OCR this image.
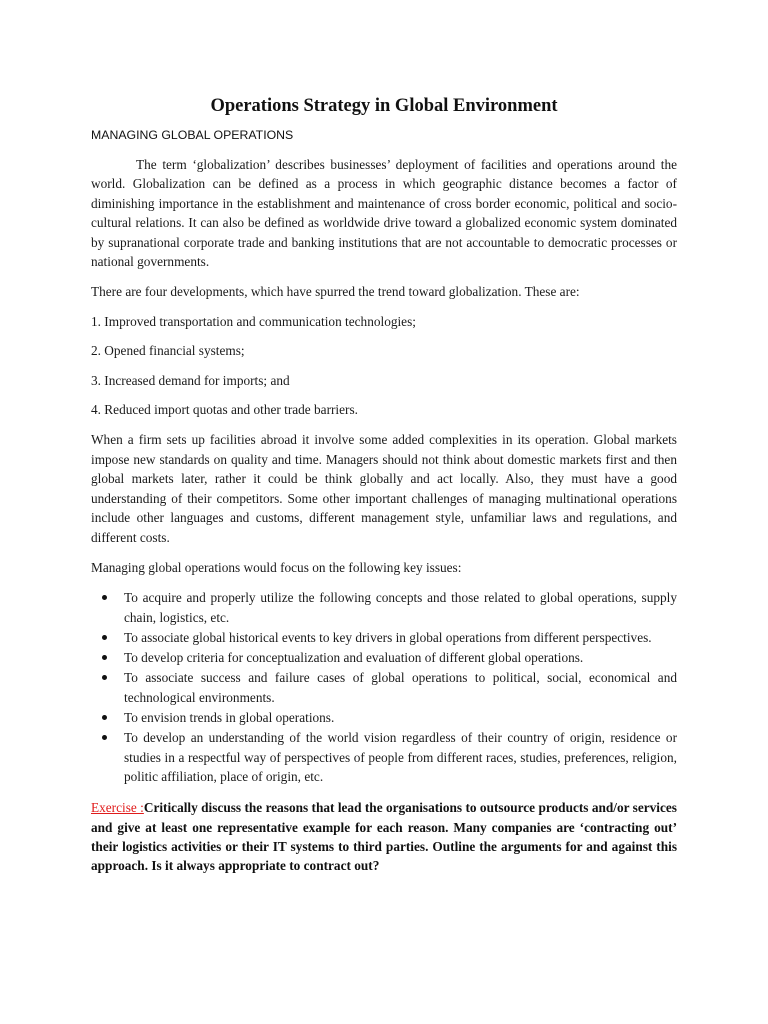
Operations Strategy in Global Environment
MANAGING GLOBAL OPERATIONS

The term ‘globalization’ describes businesses’ deployment of facilities and operations around the world. Globalization can be defined as a process in which geographic distance becomes a factor of diminishing importance in the establishment and maintenance of cross border economic, political and socio-cultural relations. It can also be defined as worldwide drive toward a globalized economic system dominated by supranational corporate trade and banking institutions that are not accountable to democratic processes or national governments.

There are four developments, which have spurred the trend toward globalization. These are:

1. Improved transportation and communication technologies;

2. Opened financial systems;

3. Increased demand for imports; and

4. Reduced import quotas and other trade barriers.

When a firm sets up facilities abroad it involve some added complexities in its operation. Global markets impose new standards on quality and time. Managers should not think about domestic markets first and then global markets later, rather it could be think globally and act locally. Also, they must have a good understanding of their competitors. Some other important challenges of managing multinational operations include other languages and customs, different management style, unfamiliar laws and regulations, and different costs.

Managing global operations would focus on the following key issues:

To acquire and properly utilize the following concepts and those related to global operations, supply chain, logistics, etc.
To associate global historical events to key drivers in global operations from different perspectives.
To develop criteria for conceptualization and evaluation of different global operations.
To associate success and failure cases of global operations to political, social, economical and technological environments.
To envision trends in global operations.
To develop an understanding of the world vision regardless of their country of origin, residence or studies in a respectful way of perspectives of people from different races, studies, preferences, religion, politic affiliation, place of origin, etc.

Exercise :Critically discuss the reasons that lead the organisations to outsource products and/or services and give at least one representative example for each reason. Many companies are ‘contracting out’ their logistics activities or their IT systems to third parties. Outline the arguments for and against this approach. Is it always appropriate to contract out?
